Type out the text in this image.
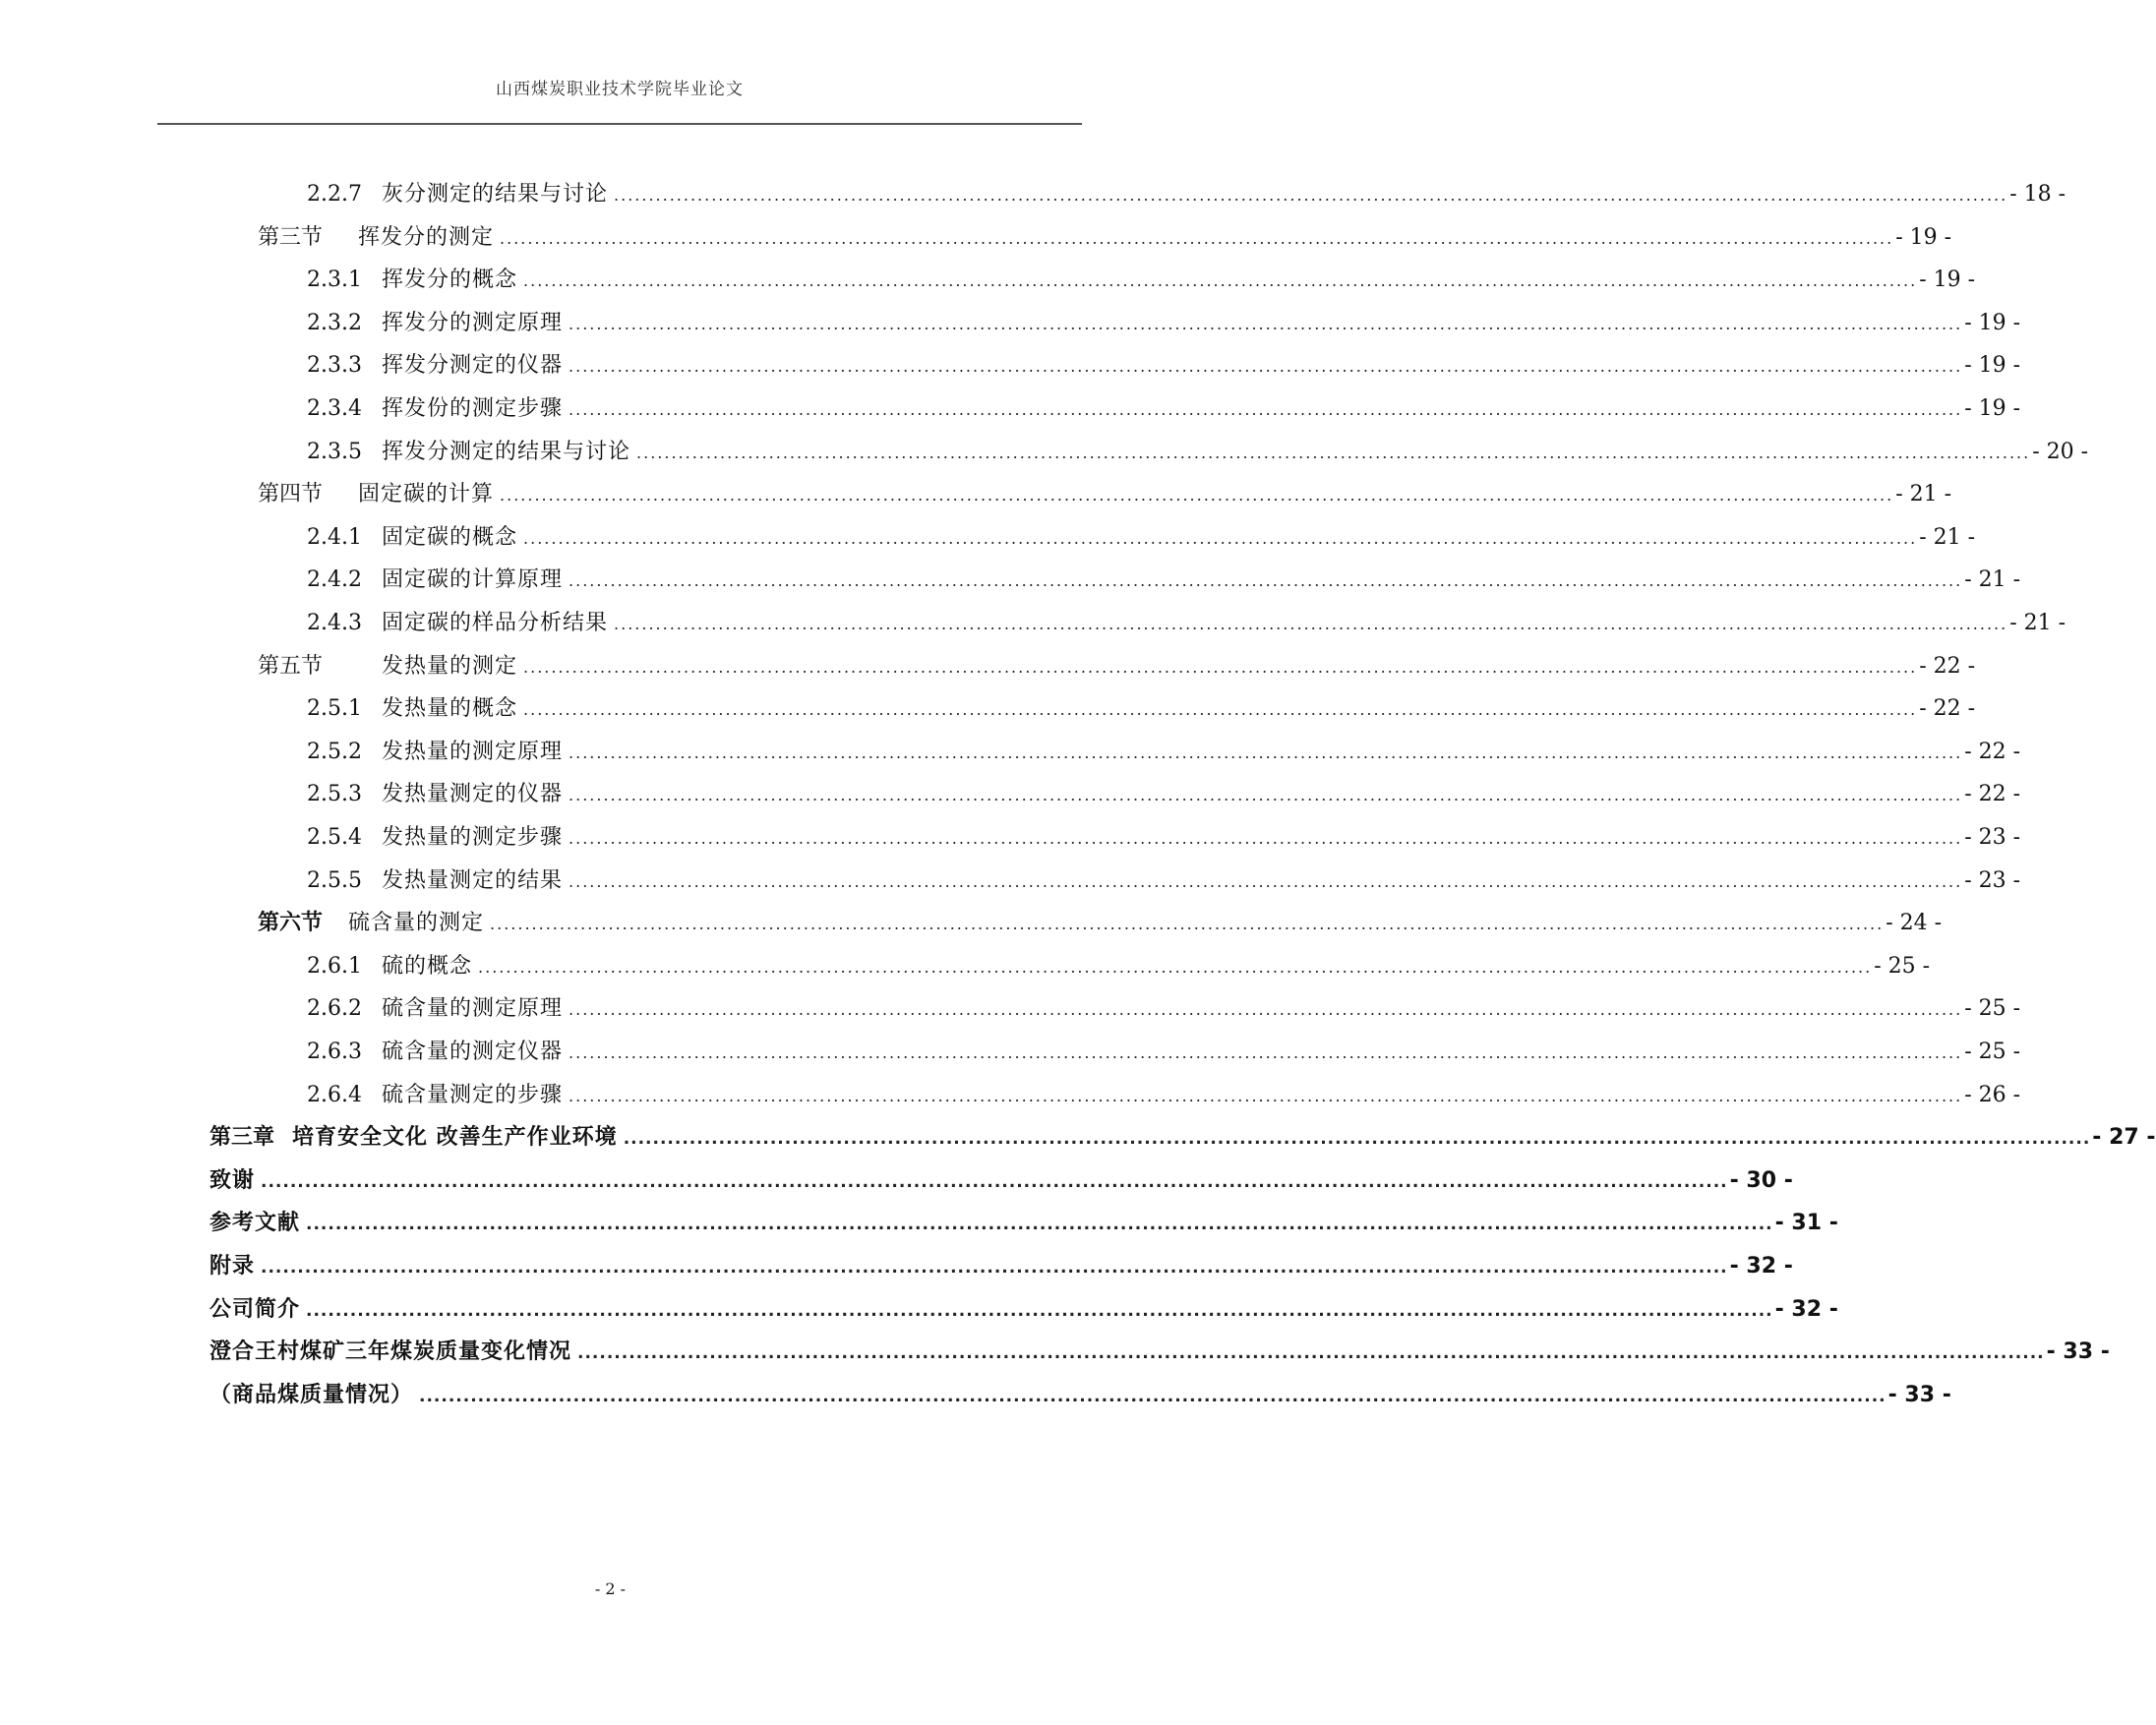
山西煤炭职业技术学院毕业论文
2.2.7 灰分测定的结果与讨论 ........................................................................................................................................................................................................ - 18 -
第三节	挥发分的测定 ........................................................................................................................................................................................................ - 19 -
2.3.1 挥发分的概念 ........................................................................................................................................................................................................ - 19 -
2.3.2 挥发分的测定原理 ........................................................................................................................................................................................................ - 19 -
2.3.3 挥发分测定的仪器 ........................................................................................................................................................................................................ - 19 -
2.3.4 挥发份的测定步骤 ........................................................................................................................................................................................................ - 19 -
2.3.5 挥发分测定的结果与讨论 ........................................................................................................................................................................................................ - 20 -
第四节	固定碳的计算 ........................................................................................................................................................................................................ - 21 -
2.4.1 固定碳的概念 ........................................................................................................................................................................................................ - 21 -
2.4.2 固定碳的计算原理 ........................................................................................................................................................................................................ - 21 -
2.4.3 固定碳的样品分析结果 ........................................................................................................................................................................................................ - 21 -
第五节	发热量的测定 ........................................................................................................................................................................................................ - 22 -
2.5.1 发热量的概念 ........................................................................................................................................................................................................ - 22 -
2.5.2 发热量的测定原理 ........................................................................................................................................................................................................ - 22 -
2.5.3 发热量测定的仪器 ........................................................................................................................................................................................................ - 22 -
2.5.4 发热量的测定步骤 ........................................................................................................................................................................................................ - 23 -
2.5.5 发热量测定的结果 ........................................................................................................................................................................................................ - 23 -
第六节	硫含量的测定 ........................................................................................................................................................................................................ - 24 -
2.6.1 硫的概念 ........................................................................................................................................................................................................ - 25 -
2.6.2 硫含量的测定原理 ........................................................................................................................................................................................................ - 25 -
2.6.3 硫含量的测定仪器 ........................................................................................................................................................................................................ - 25 -
2.6.4 硫含量测定的步骤 ........................................................................................................................................................................................................ - 26 -
第三章 培育安全文化 改善生产作业环境 ........................................................................................................................................................................................................ - 27 -
致谢 ........................................................................................................................................................................................................ - 30 -
参考文献 ........................................................................................................................................................................................................ - 31 -
附录 ........................................................................................................................................................................................................ - 32 -
公司简介 ........................................................................................................................................................................................................ - 32 -
澄合王村煤矿三年煤炭质量变化情况 ........................................................................................................................................................................................................ - 33 -
（商品煤质量情况） ........................................................................................................................................................................................................ - 33 -
- 2 -
